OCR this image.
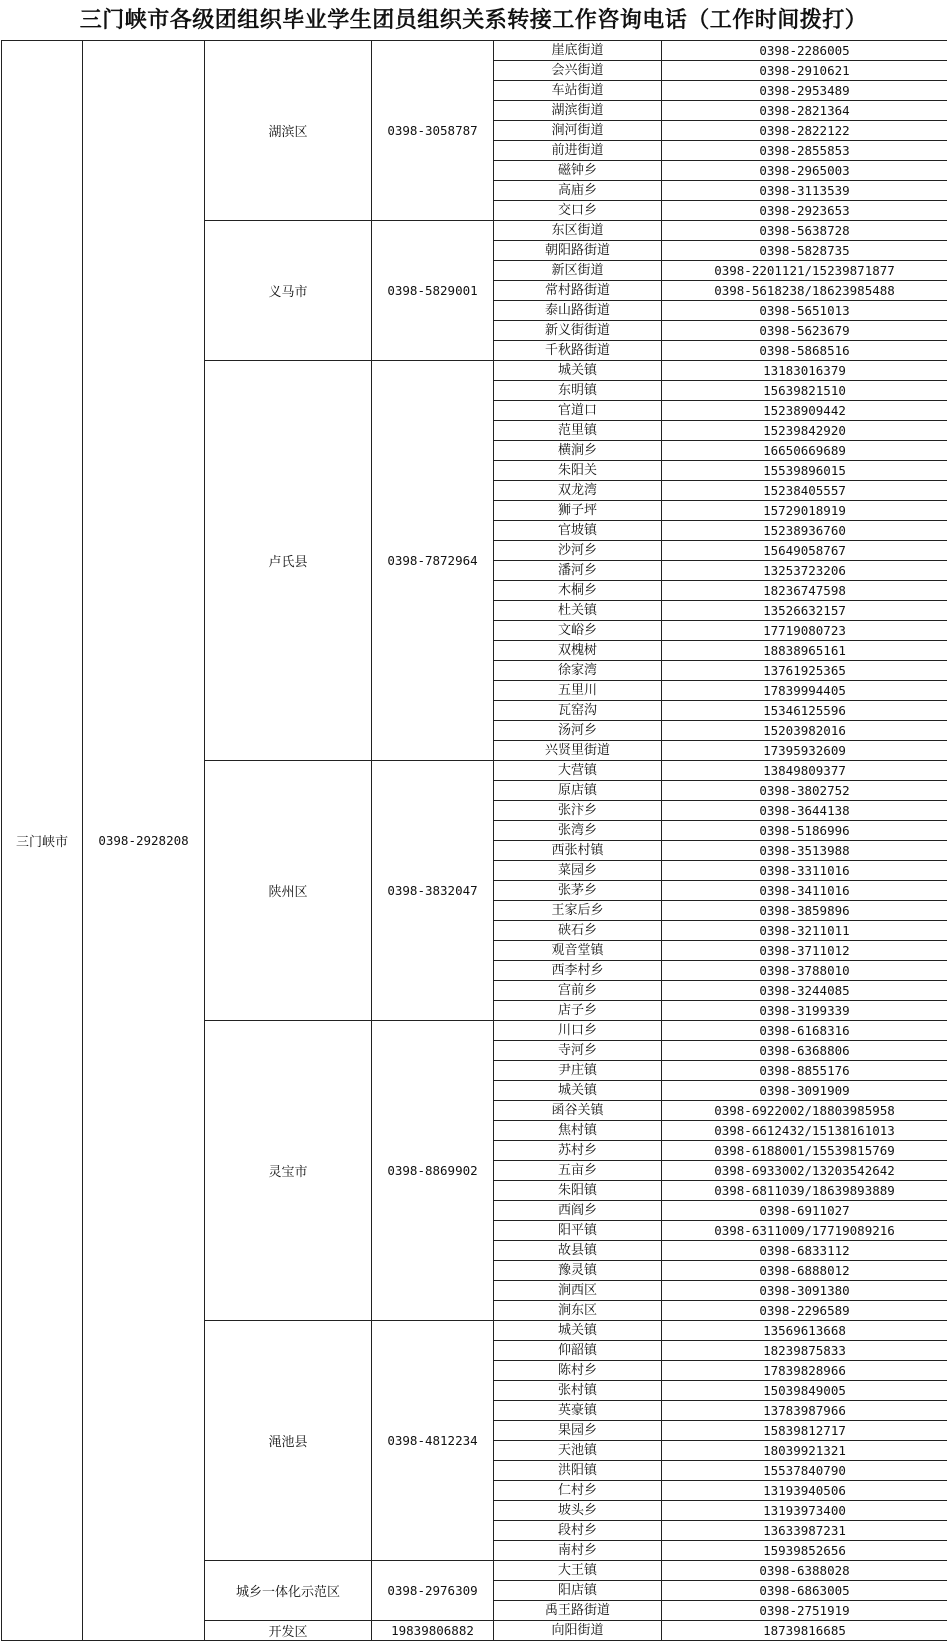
三门峡市各级团组织毕业学生团员组织关系转接工作咨询电话（工作时间拨打）
三门峡市	0398-2928208	湖滨区	0398-3058787	崖底街道	0398-2286005
				会兴街道	0398-2910621
				车站街道	0398-2953489
				湖滨街道	0398-2821364
				涧河街道	0398-2822122
				前进街道	0398-2855853
				磁钟乡	0398-2965003
				高庙乡	0398-3113539
				交口乡	0398-2923653
		义马市	0398-5829001	东区街道	0398-5638728
				朝阳路街道	0398-5828735
				新区街道	0398-2201121/15239871877
				常村路街道	0398-5618238/18623985488
				泰山路街道	0398-5651013
				新义街街道	0398-5623679
				千秋路街道	0398-5868516
		卢氏县	0398-7872964	城关镇	13183016379
				东明镇	15639821510
				官道口	15238909442
				范里镇	15239842920
				横涧乡	16650669689
				朱阳关	15539896015
				双龙湾	15238405557
				狮子坪	15729018919
				官坡镇	15238936760
				沙河乡	15649058767
				潘河乡	13253723206
				木桐乡	18236747598
				杜关镇	13526632157
				文峪乡	17719080723
				双槐树	18838965161
				徐家湾	13761925365
				五里川	17839994405
				瓦窑沟	15346125596
				汤河乡	15203982016
				兴贤里街道	17395932609
		陕州区	0398-3832047	大营镇	13849809377
				原店镇	0398-3802752
				张汴乡	0398-3644138
				张湾乡	0398-5186996
				西张村镇	0398-3513988
				菜园乡	0398-3311016
				张茅乡	0398-3411016
				王家后乡	0398-3859896
				硖石乡	0398-3211011
				观音堂镇	0398-3711012
				西李村乡	0398-3788010
				宫前乡	0398-3244085
				店子乡	0398-3199339
		灵宝市	0398-8869902	川口乡	0398-6168316
				寺河乡	0398-6368806
				尹庄镇	0398-8855176
				城关镇	0398-3091909
				函谷关镇	0398-6922002/18803985958
				焦村镇	0398-6612432/15138161013
				苏村乡	0398-6188001/15539815769
				五亩乡	0398-6933002/13203542642
				朱阳镇	0398-6811039/18639893889
				西阎乡	0398-6911027
				阳平镇	0398-6311009/17719089216
				故县镇	0398-6833112
				豫灵镇	0398-6888012
				涧西区	0398-3091380
				涧东区	0398-2296589
		渑池县	0398-4812234	城关镇	13569613668
				仰韶镇	18239875833
				陈村乡	17839828966
				张村镇	15039849005
				英豪镇	13783987966
				果园乡	15839812717
				天池镇	18039921321
				洪阳镇	15537840790
				仁村乡	13193940506
				坡头乡	13193973400
				段村乡	13633987231
				南村乡	15939852656
		城乡一体化示范区	0398-2976309	大王镇	0398-6388028
				阳店镇	0398-6863005
				禹王路街道	0398-2751919
		开发区	19839806882	向阳街道	18739816685
